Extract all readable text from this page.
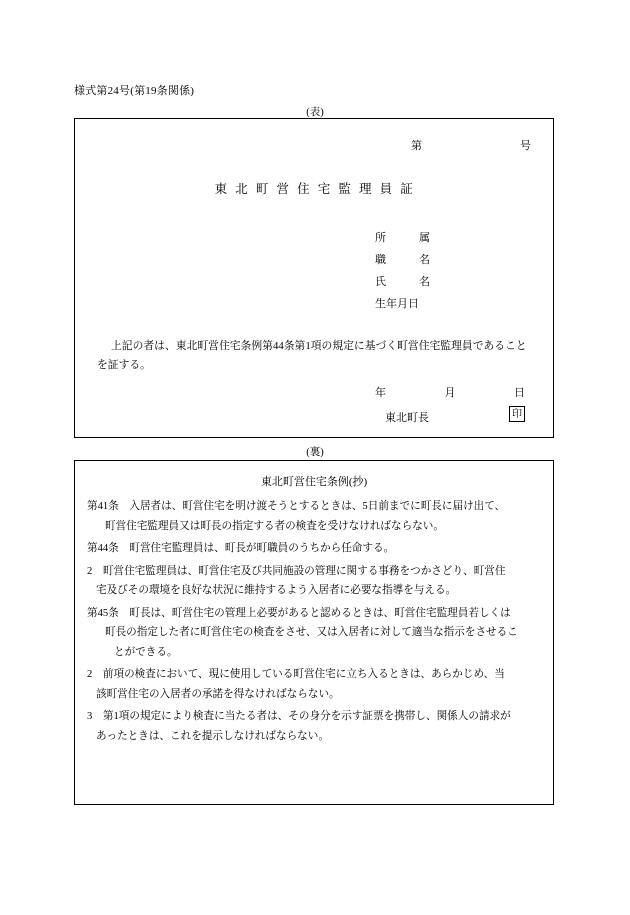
様式第24号(第19条関係)
(表)
第	号
東 北 町 営 住 宅 監 理 員 証
所　　　属
職　　　名
氏　　　名
生年月日
上記の者は、東北町営住宅条例第44条第1項の規定に基づく町営住宅監理員であること
を証する。
年	月	日
東北町長	印
(裏)
東北町営住宅条例(抄)
第41条　入居者は、町営住宅を明け渡そうとするときは、5日前までに町長に届け出て、
町営住宅監理員又は町長の指定する者の検査を受けなければならない。
第44条　町営住宅監理員は、町長が町職員のうちから任命する。
2　町営住宅監理員は、町営住宅及び共同施設の管理に関する事務をつかさどり、町営住
宅及びその環境を良好な状況に維持するよう入居者に必要な指導を与える。
第45条　町長は、町営住宅の管理上必要があると認めるときは、町営住宅監理員若しくは
町長の指定した者に町営住宅の検査をさせ、又は入居者に対して適当な指示をさせるこ
とができる。
2　前項の検査において、現に使用している町営住宅に立ち入るときは、あらかじめ、当
該町営住宅の入居者の承諾を得なければならない。
3　第1項の規定により検査に当たる者は、その身分を示す証票を携帯し、関係人の請求が
あったときは、これを提示しなければならない。
